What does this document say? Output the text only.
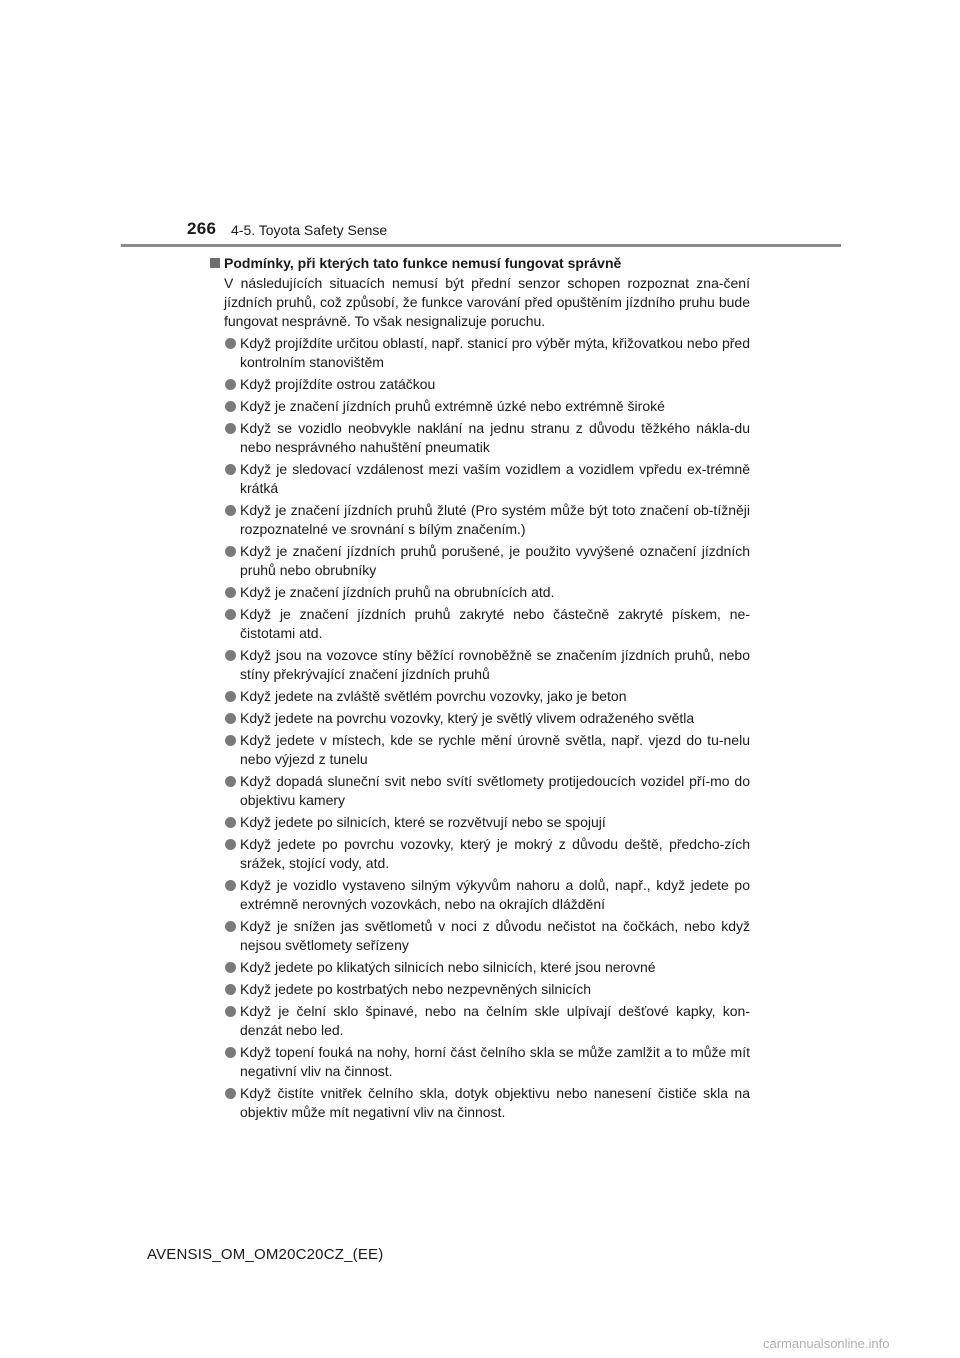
266 4-5. Toyota Safety Sense
Podmínky, při kterých tato funkce nemusí fungovat správně
V následujících situacích nemusí být přední senzor schopen rozpoznat zna-čení jízdních pruhů, což způsobí, že funkce varování před opuštěním jízdního pruhu bude fungovat nesprávně. To však nesignalizuje poruchu.
Když projíždíte určitou oblastí, např. stanicí pro výběr mýta, křižovatkou nebo před kontrolním stanovištěm
Když projíždíte ostrou zatáčkou
Když je značení jízdních pruhů extrémně úzké nebo extrémně široké
Když se vozidlo neobvykle naklání na jednu stranu z důvodu těžkého nákla-du nebo nesprávného nahuštění pneumatik
Když je sledovací vzdálenost mezi vaším vozidlem a vozidlem vpředu ex-trémně krátká
Když je značení jízdních pruhů žluté (Pro systém může být toto značení ob-tížněji rozpoznatelné ve srovnání s bílým značením.)
Když je značení jízdních pruhů porušené, je použito vyvýšené označení jízdních pruhů nebo obrubníky
Když je značení jízdních pruhů na obrubnících atd.
Když je značení jízdních pruhů zakryté nebo částečně zakryté pískem, ne-čistotami atd.
Když jsou na vozovce stíny běžící rovnoběžně se značením jízdních pruhů, nebo stíny překrývající značení jízdních pruhů
Když jedete na zvláště světlém povrchu vozovky, jako je beton
Když jedete na povrchu vozovky, který je světlý vlivem odraženého světla
Když jedete v místech, kde se rychle mění úrovně světla, např. vjezd do tu-nelu nebo výjezd z tunelu
Když dopadá sluneční svit nebo svítí světlomety protijedoucích vozidel pří-mo do objektivu kamery
Když jedete po silnicích, které se rozvětvují nebo se spojují
Když jedete po povrchu vozovky, který je mokrý z důvodu deště, předcho-zích srážek, stojící vody, atd.
Když je vozidlo vystaveno silným výkyvům nahoru a dolů, např., když jedete po extrémně nerovných vozovkách, nebo na okrajích dláždění
Když je snížen jas světlometů v noci z důvodu nečistot na čočkách, nebo když nejsou světlomety seřízeny
Když jedete po klikatých silnicích nebo silnicích, které jsou nerovné
Když jedete po kostrbatých nebo nezpevněných silnicích
Když je čelní sklo špinavé, nebo na čelním skle ulpívají dešťové kapky, kon-denzát nebo led.
Když topení fouká na nohy, horní část čelního skla se může zamlžit a to může mít negativní vliv na činnost.
Když čistíte vnitřek čelního skla, dotyk objektivu nebo nanesení čističe skla na objektiv může mít negativní vliv na činnost.
AVENSIS_OM_OM20C20CZ_(EE)
carmanualsonline.info
